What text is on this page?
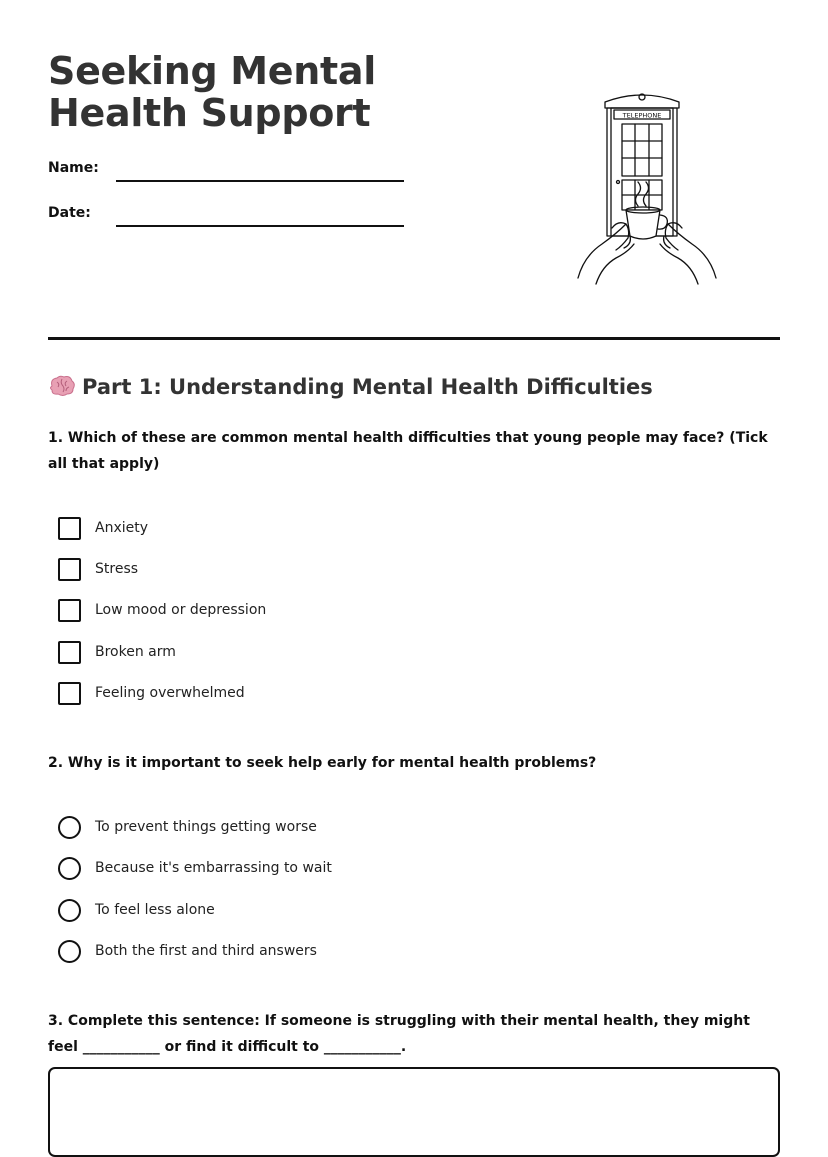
Seeking Mental Health Support
Name:
Date:
TELEPHONE
Part 1: Understanding Mental Health Difficulties

1. Which of these are common mental health difficulties that young people may face? (Tick all that apply)

Anxiety
Stress
Low mood or depression
Broken arm
Feeling overwhelmed

2. Why is it important to seek help early for mental health problems?

To prevent things getting worse
Because it's embarrassing to wait
To feel less alone
Both the first and third answers

3. Complete this sentence: If someone is struggling with their mental health, they might feel ___________ or find it difficult to ___________.
